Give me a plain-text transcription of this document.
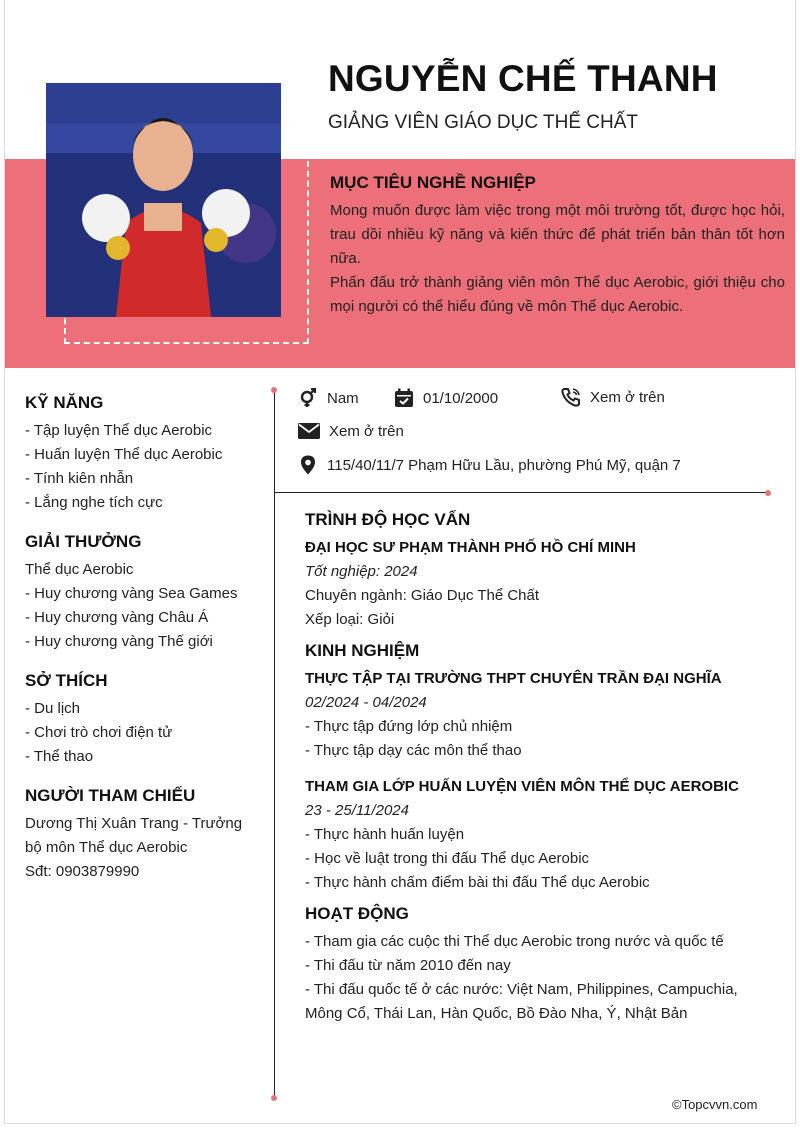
NGUYỄN CHẾ THANH
GIẢNG VIÊN GIÁO DỤC THỂ CHẤT
MỤC TIÊU NGHỀ NGHIỆP

Mong muốn được làm việc trong một môi trường tốt, được học hỏi, trau dồi nhiều kỹ năng và kiến thức để phát triển bản thân tốt hơn nữa.

Phấn đấu trở thành giảng viên môn Thể dục Aerobic, giới thiệu cho mọi người có thể hiểu đúng về môn Thể dục Aerobic.

Nam	01/10/2000	Xem ở trên
Xem ở trên
115/40/11/7 Phạm Hữu Lầu, phường Phú Mỹ, quận 7
KỸ NĂNG
- Tập luyện Thể dục Aerobic
- Huấn luyện Thể dục Aerobic
- Tính kiên nhẫn
- Lắng nghe tích cực
GIẢI THƯỞNG
Thể dục Aerobic
- Huy chương vàng Sea Games
- Huy chương vàng Châu Á
- Huy chương vàng Thế giới
SỞ THÍCH
- Du lịch
- Chơi trò chơi điện tử
- Thể thao
NGƯỜI THAM CHIẾU
Dương Thị Xuân Trang - Trưởng
bộ môn Thể dục Aerobic
Sđt: 0903879990
TRÌNH ĐỘ HỌC VẤN
ĐẠI HỌC SƯ PHẠM THÀNH PHỐ HỒ CHÍ MINH
Tốt nghiệp: 2024
Chuyên ngành: Giáo Dục Thể Chất
Xếp loại: Giỏi
KINH NGHIỆM
THỰC TẬP TẠI TRƯỜNG THPT CHUYÊN TRẦN ĐẠI NGHĨA
02/2024 - 04/2024
- Thực tập đứng lớp chủ nhiệm
- Thực tập dạy các môn thể thao
THAM GIA LỚP HUẤN LUYỆN VIÊN MÔN THỂ DỤC AEROBIC
23 - 25/11/2024
- Thực hành huấn luyện
- Học về luật trong thi đấu Thể dục Aerobic
- Thực hành chấm điểm bài thi đấu Thể dục Aerobic
HOẠT ĐỘNG
- Tham gia các cuộc thi Thể dục Aerobic trong nước và quốc tế
- Thi đấu từ năm 2010 đến nay
- Thi đấu quốc tế ở các nước: Việt Nam, Philippines, Campuchia,
Mông Cổ, Thái Lan, Hàn Quốc, Bồ Đào Nha, Ý, Nhật Bản
©Topcvvn.com
